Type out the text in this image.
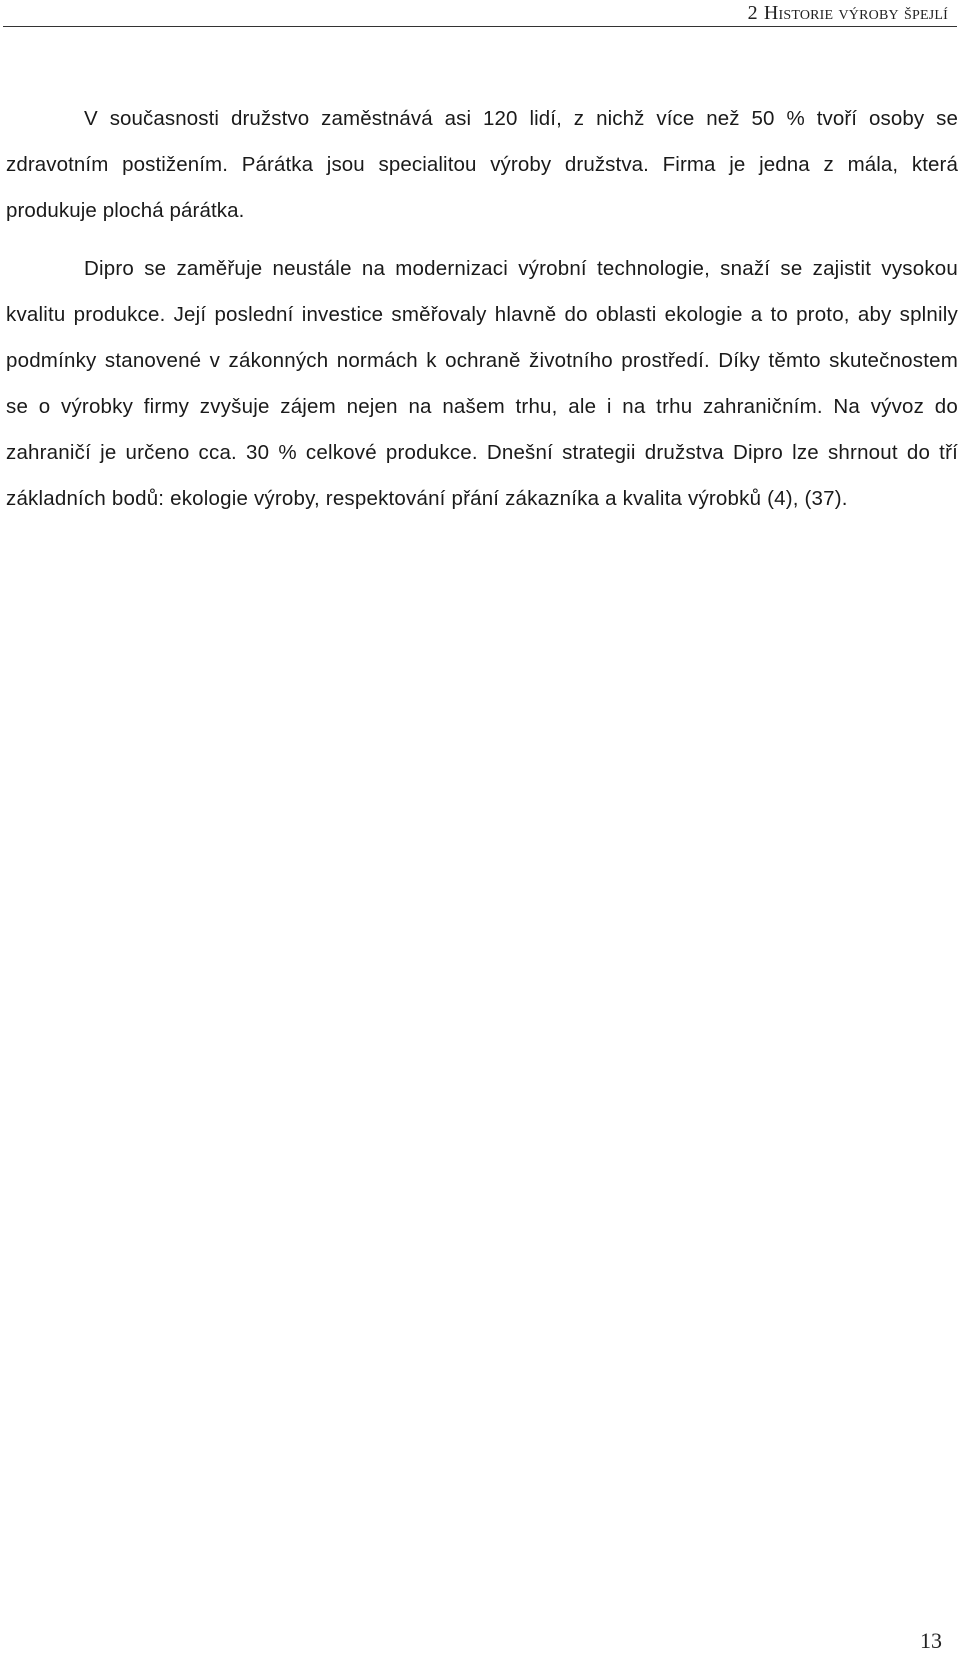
2 Historie výroby špejlí

V současnosti družstvo zaměstnává asi 120 lidí, z nichž více než 50 % tvoří osoby se zdravotním postižením. Párátka jsou specialitou výroby družstva. Firma je jedna z mála, která produkuje plochá párátka.

Dipro se zaměřuje neustále na modernizaci výrobní technologie, snaží se zajistit vysokou kvalitu produkce. Její poslední investice směřovaly hlavně do oblasti ekologie a to proto, aby splnily podmínky stanovené v zákonných normách k ochraně životního prostředí. Díky těmto skutečnostem se o výrobky firmy zvyšuje zájem nejen na našem trhu, ale i na trhu zahraničním. Na vývoz do zahraničí je určeno cca. 30 % celkové produkce. Dnešní strategii družstva Dipro lze shrnout do tří základních bodů: ekologie výroby, respektování přání zákazníka a kvalita výrobků (4), (37).

13
